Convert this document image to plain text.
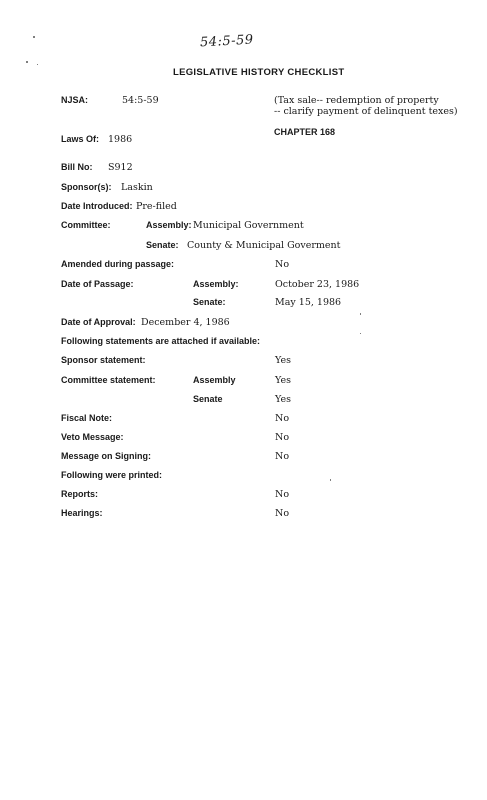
54:5-59
LEGISLATIVE HISTORY CHECKLIST
NJSA:	54:5-59	(Tax sale-- redemption of property
-- clarify payment of delinquent texes)
CHAPTER 168
Laws Of: 1986
Bill No: S912
Sponsor(s): Laskin
Date Introduced: Pre-filed
Committee:	Assembly: Municipal Government
Senate: County & Municipal Goverment
Amended during passage:	No
Date of Passage:	Assembly:	October 23, 1986
Senate:	May 15, 1986
Date of Approval: December 4, 1986
Following statements are attached if available:
Sponsor statement:	Yes
Committee statement:	Assembly	Yes
Senate	Yes
Fiscal Note:	No
Veto Message:	No
Message on Signing:	No
Following were printed:
Reports:	No
Hearings:	No
